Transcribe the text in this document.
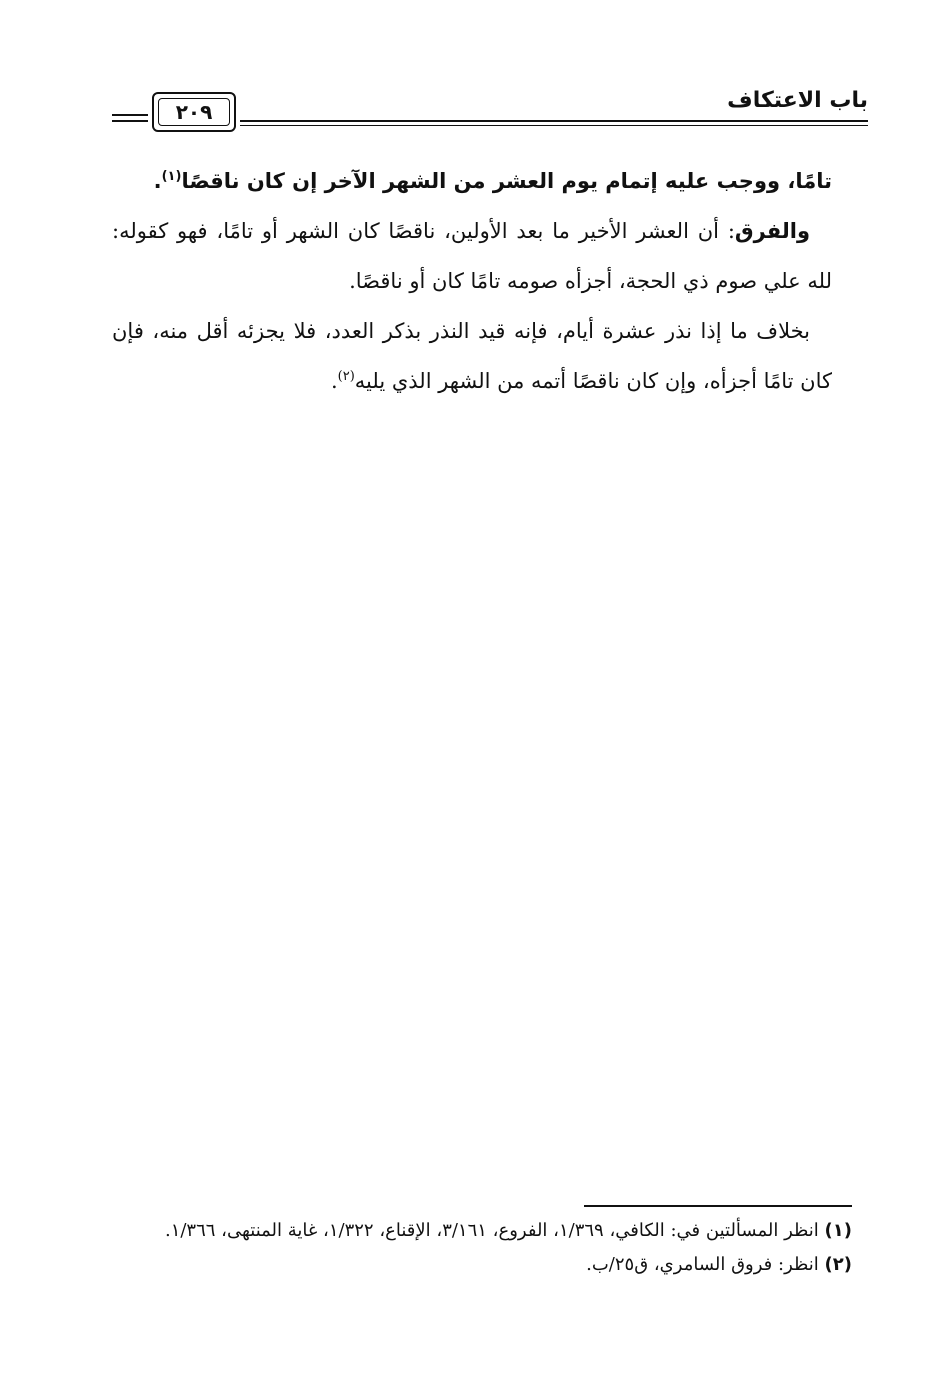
٢٠٩	باب الاعتكاف
تامًا، ووجب عليه إتمام يوم العشر من الشهر الآخر إن كان ناقصًا$^{(١)}$.
والفرق: أن العشر الأخير ما بعد الأولين، ناقصًا كان الشهر أو تامًا، فهو كقوله: لله علي صوم ذي الحجة، أجزأه صومه تامًا كان أو ناقصًا.
بخلاف ما إذا نذر عشرة أيام، فإنه قيد النذر بذكر العدد، فلا يجزئه أقل منه، فإن كان تامًا أجزأه، وإن كان ناقصًا أتمه من الشهر الذي يليه$^{(٢)}$.
(١) انظر المسألتين في: الكافي، ١/٣٦٩، الفروع، ٣/١٦١، الإقناع، ١/٣٢٢، غاية المنتهى، ١/٣٦٦.
(٢) انظر: فروق السامري، ق٢٥/ب.
